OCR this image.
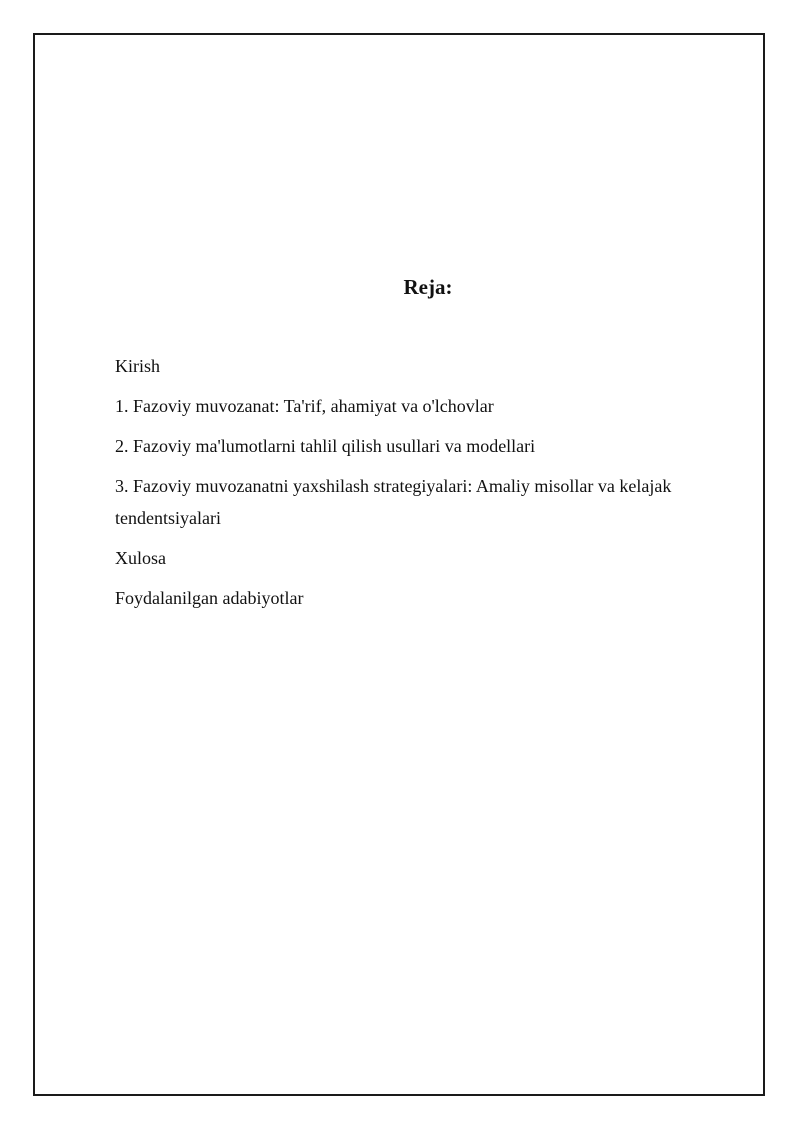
Reja:
Kirish
1. Fazoviy muvozanat: Ta'rif, ahamiyat va o'lchovlar
2. Fazoviy ma'lumotlarni tahlil qilish usullari va modellari
3. Fazoviy muvozanatni yaxshilash strategiyalari: Amaliy misollar va kelajak tendentsiyalari
Xulosa
Foydalanilgan adabiyotlar
